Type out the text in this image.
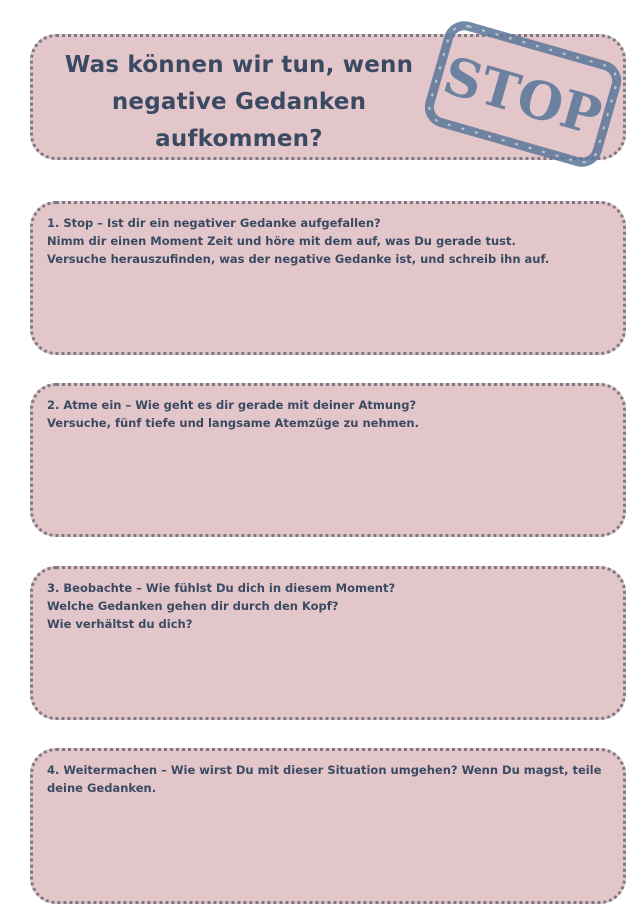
Was können wir tun, wenn
negative Gedanken
aufkommen?	STOP

1. Stop – Ist dir ein negativer Gedanke aufgefallen?
Nimm dir einen Moment Zeit und höre mit dem auf, was Du gerade tust.
Versuche herauszufinden, was der negative Gedanke ist, und schreib ihn auf.

2. Atme ein – Wie geht es dir gerade mit deiner Atmung?
Versuche, fünf tiefe und langsame Atemzüge zu nehmen.

3. Beobachte – Wie fühlst Du dich in diesem Moment?
Welche Gedanken gehen dir durch den Kopf?
Wie verhältst du dich?

4. Weitermachen – Wie wirst Du mit dieser Situation umgehen? Wenn Du magst, teile
deine Gedanken.
